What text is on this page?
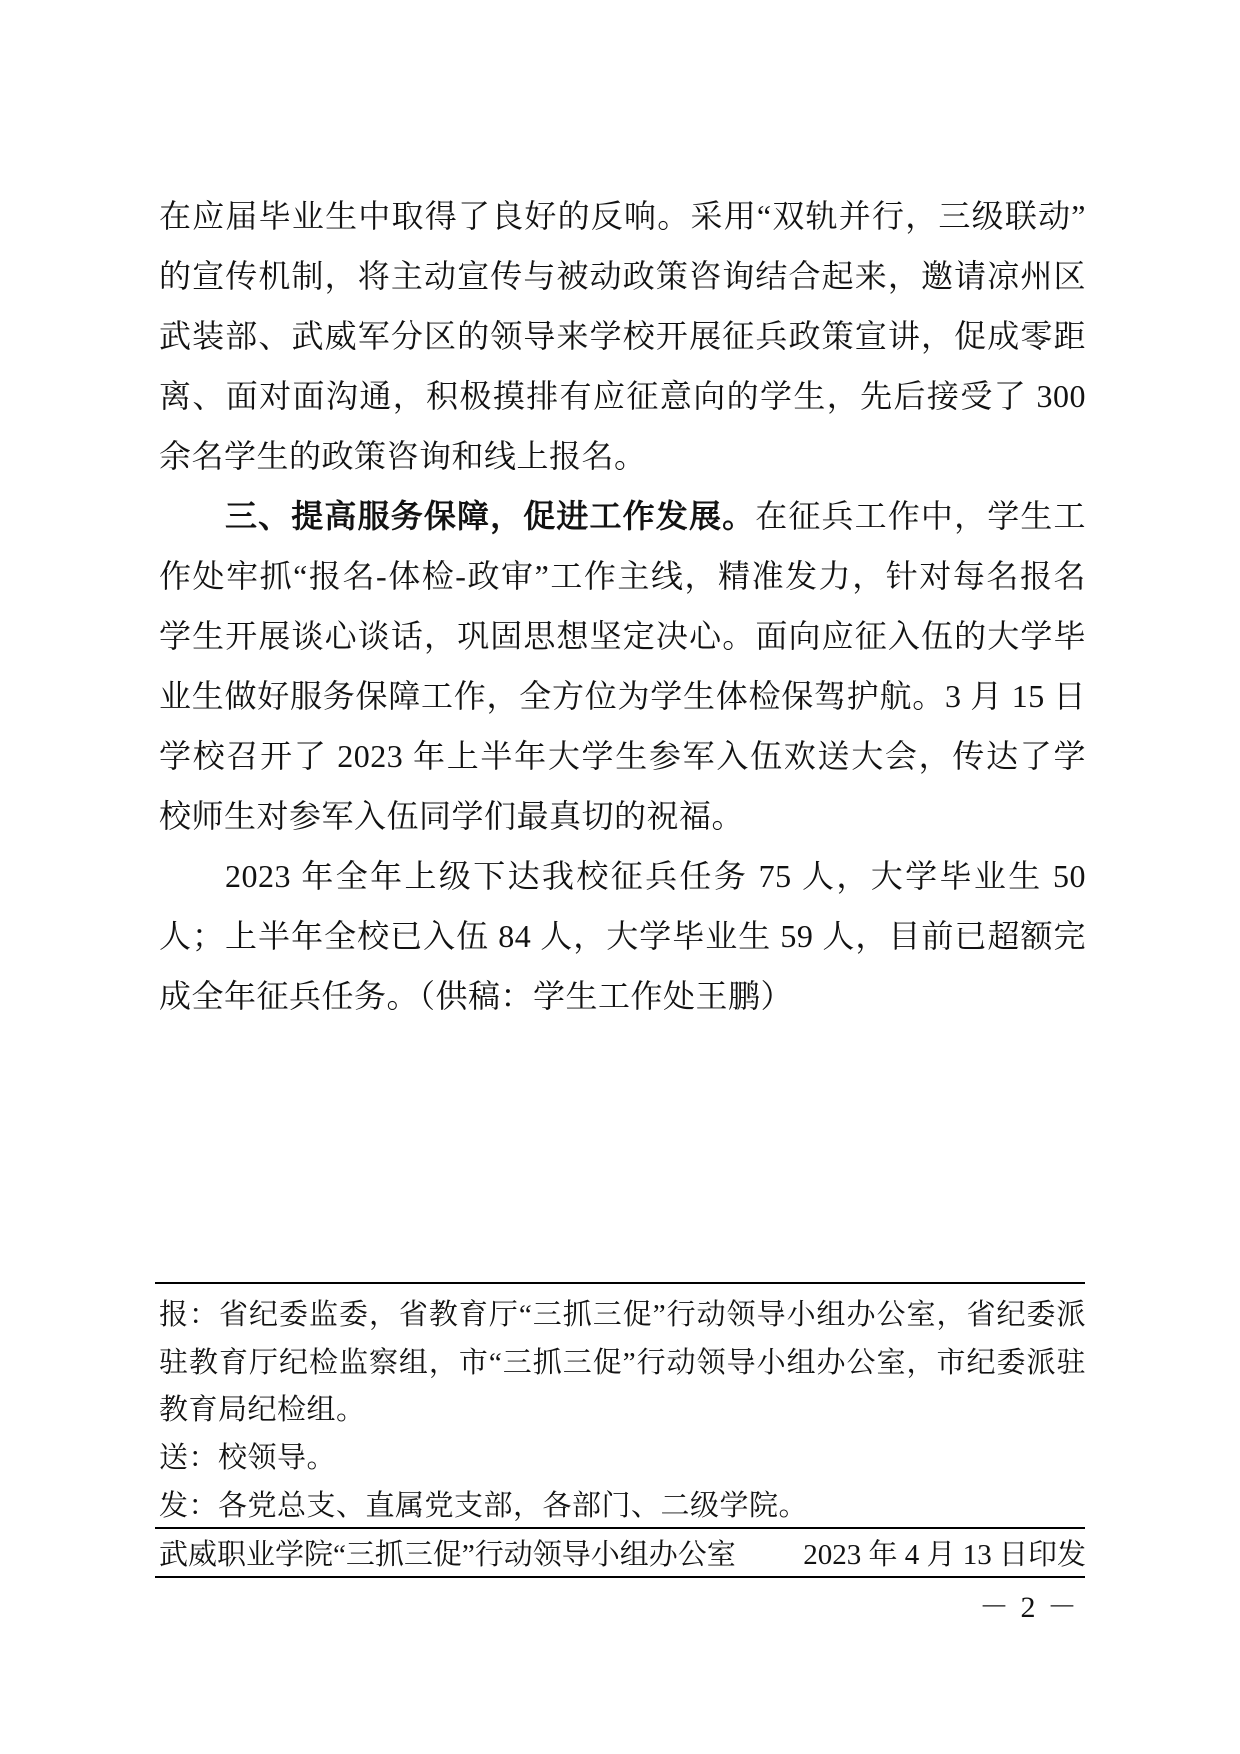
在应届毕业生中取得了良好的反响。采用“双轨并行，三级联动”的宣传机制，将主动宣传与被动政策咨询结合起来，邀请凉州区武装部、武威军分区的领导来学校开展征兵政策宣讲，促成零距离、面对面沟通，积极摸排有应征意向的学生，先后接受了 300 余名学生的政策咨询和线上报名。

三、提高服务保障，促进工作发展。在征兵工作中，学生工作处牢抓“报名-体检-政审”工作主线，精准发力，针对每名报名学生开展谈心谈话，巩固思想坚定决心。面向应征入伍的大学毕业生做好服务保障工作，全方位为学生体检保驾护航。3 月 15 日学校召开了 2023 年上半年大学生参军入伍欢送大会，传达了学校师生对参军入伍同学们最真切的祝福。

2023 年全年上级下达我校征兵任务 75 人，大学毕业生 50 人；上半年全校已入伍 84 人，大学毕业生 59 人，目前已超额完成全年征兵任务。（供稿：学生工作处王鹏）

报：省纪委监委，省教育厅“三抓三促”行动领导小组办公室，省纪委派驻教育厅纪检监察组，市“三抓三促”行动领导小组办公室，市纪委派驻教育局纪检组。

送：校领导。

发：各党总支、直属党支部，各部门、二级学院。

武威职业学院“三抓三促”行动领导小组办公室 2023 年 4 月 13 日印发
－ 2 －
